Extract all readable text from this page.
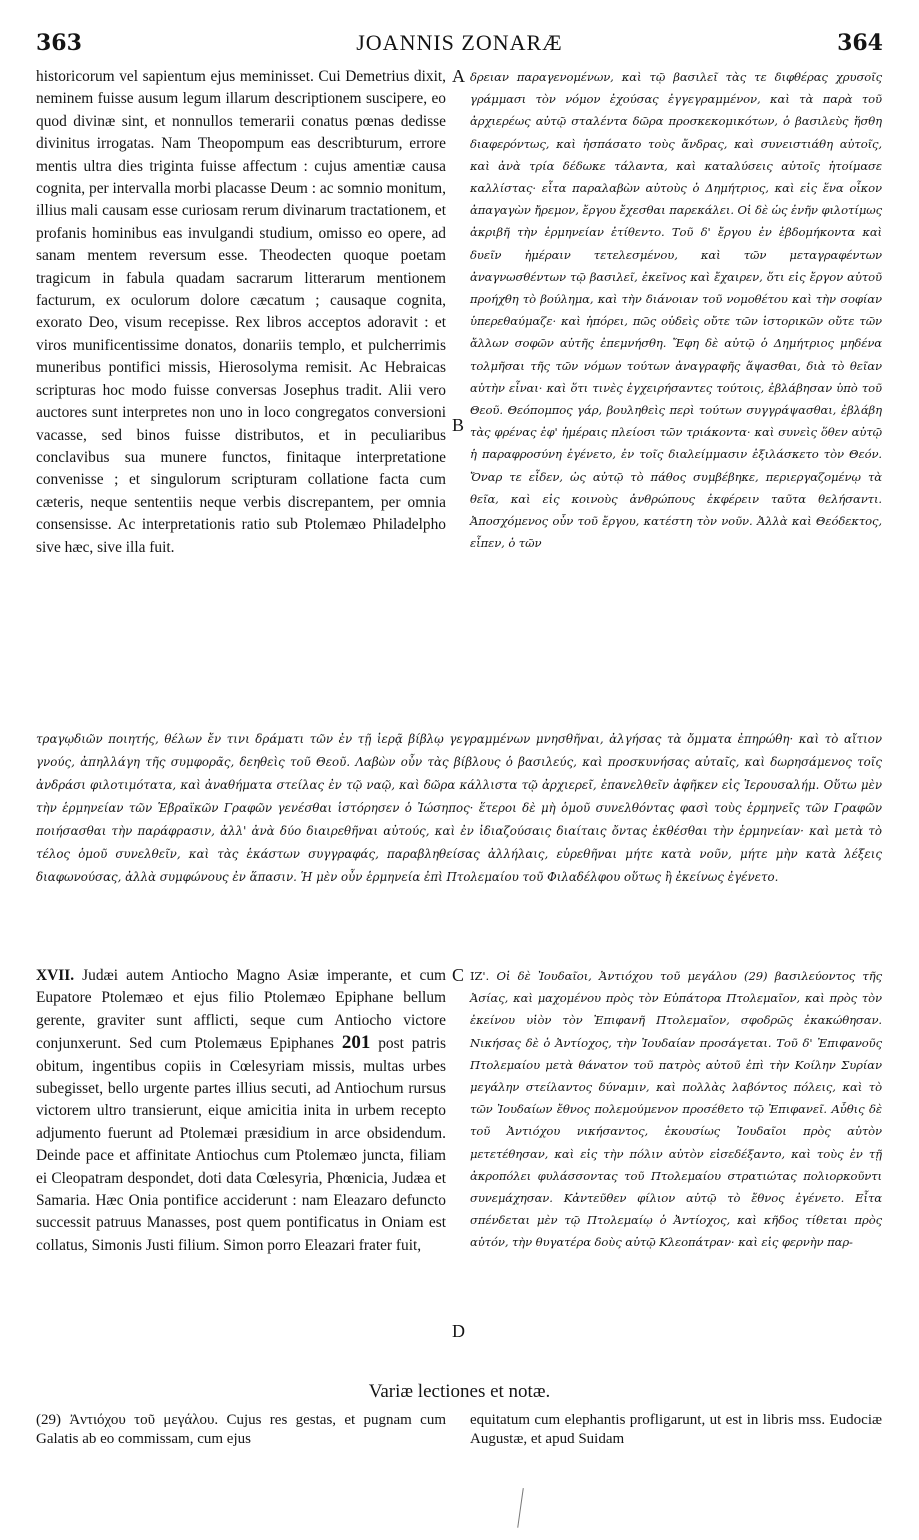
363	JOANNIS ZONARÆ	364
historicorum vel sapientum ejus meminisset. Cui Demetrius dixit, neminem fuisse ausum legum illarum descriptionem suscipere, eo quod divinæ sint, et nonnullos temerarii conatus pœnas dedisse divinitus irrogatas. Nam Theopompum eas describturum, errore mentis ultra dies triginta fuisse affectum : cujus amentiæ causa cognita, per intervalla morbi placasse Deum : ac somnio monitum, illius mali causam esse curiosam rerum divinarum tractationem, et profanis hominibus eas invulgandi studium, omisso eo opere, ad sanam mentem reversum esse. Theodecten quoque poetam tragicum in fabula quadam sacrarum litterarum mentionem facturum, ex oculorum dolore cæcatum ; causaque cognita, exorato Deo, visum recepisse. Rex libros acceptos adoravit : et viros munificentissime donatos, donariis templo, et pulcherrimis muneribus pontifici missis, Hierosolyma remisit. Ac Hebraicas scripturas hoc modo fuisse conversas Josephus tradit. Alii vero auctores sunt interpretes non uno in loco congregatos conversioni vacasse, sed binos fuisse distributos, et in peculiaribus conclavibus sua munere functos, finitaque interpretatione convenisse ; et singulorum scripturam collatione facta cum cæteris, neque sententiis neque verbis discrepantem, per omnia consensisse. Ac interpretationis ratio sub Ptolemæo Philadelpho sive hæc, sive illa fuit.
δρειαν παραγενομένων, καὶ τῷ βασιλεῖ τὰς τε διφθέρας χρυσοῖς γράμμασι τὸν νόμον ἐχούσας ἐγγεγραμμένον, καὶ τὰ παρὰ τοῦ ἀρχιερέως αὐτῷ σταλέντα δῶρα προσκεκομικότων, ὁ βασιλεὺς ἥσθη διαφερόντως, καὶ ἠσπάσατο τοὺς ἄνδρας, καὶ συνειστιάθη αὐτοῖς, καὶ ἀνὰ τρία δέδωκε τάλαντα, καὶ καταλύσεις αὐτοῖς ἡτοίμασε καλλίστας· εἶτα παραλαβὼν αὐτοὺς ὁ Δημήτριος, καὶ εἰς ἕνα οἶκον ἀπαγαγὼν ἤρεμον, ἔργου ἔχεσθαι παρεκάλει. Οἱ δὲ ὡς ἐνῆν φιλοτίμως ἀκριβῆ τὴν ἑρμηνείαν ἐτίθεντο. Τοῦ δ' ἔργου ἐν ἑβδομήκοντα καὶ δυεῖν ἡμέραιν τετελεσμένου, καὶ τῶν μεταγραφέντων ἀναγνωσθέντων τῷ βασιλεῖ, ἐκεῖνος καὶ ἔχαιρεν, ὅτι εἰς ἔργον αὐτοῦ προήχθη τὸ βούλημα, καὶ τὴν διάνοιαν τοῦ νομοθέτου καὶ τὴν σοφίαν ὑπερεθαύμαζε· καὶ ἠπόρει, πῶς οὐδεὶς οὔτε τῶν ἱστορικῶν οὔτε τῶν ἄλλων σοφῶν αὐτῆς ἐπεμνήσθη. Ἔφη δὲ αὐτῷ ὁ Δημήτριος μηδένα τολμῆσαι τῆς τῶν νόμων τούτων ἀναγραφῆς ἅψασθαι, διὰ τὸ θεῖαν αὐτὴν εἶναι· καὶ ὅτι τινὲς ἐγχειρήσαντες τούτοις, ἐβλάβησαν ὑπὸ τοῦ Θεοῦ. Θεόπομπος γάρ, βουληθεὶς περὶ τούτων συγγράψασθαι, ἐβλάβη τὰς φρένας ἐφ' ἡμέραις πλείοσι τῶν τριάκοντα· καὶ συνεὶς ὅθεν αὐτῷ ἡ παραφροσύνη ἐγένετο, ἐν τοῖς διαλείμμασιν ἐξιλάσκετο τὸν Θεόν. Ὄναρ τε εἶδεν, ὡς αὐτῷ τὸ πάθος συμβέβηκε, περιεργαζομένῳ τὰ θεῖα, καὶ εἰς κοινοὺς ἀνθρώπους ἐκφέρειν ταῦτα θελήσαντι. Ἀποσχόμενος οὖν τοῦ ἔργου, κατέστη τὸν νοῦν. Ἀλλὰ καὶ Θεόδεκτος, εἶπεν, ὁ τῶν
A
B
C
D
τραγῳδιῶν ποιητής, θέλων ἔν τινι δράματι τῶν ἐν τῇ ἱερᾷ βίβλῳ γεγραμμένων μνησθῆναι, ἀλγήσας τὰ ὄμματα ἐπηρώθη· καὶ τὸ αἴτιον γνούς, ἀπηλλάγη τῆς συμφορᾶς, δεηθεὶς τοῦ Θεοῦ. Λαβὼν οὖν τὰς βίβλους ὁ βασιλεύς, καὶ προσκυνήσας αὐταῖς, καὶ δωρησάμενος τοῖς ἀνδράσι φιλοτιμότατα, καὶ ἀναθήματα στείλας ἐν τῷ ναῷ, καὶ δῶρα κάλλιστα τῷ ἀρχιερεῖ, ἐπανελθεῖν ἀφῆκεν εἰς Ἱερουσαλήμ. Οὕτω μὲν τὴν ἑρμηνείαν τῶν Ἑβραϊκῶν Γραφῶν γενέσθαι ἱστόρησεν ὁ Ἰώσηπος· ἕτεροι δὲ μὴ ὁμοῦ συνελθόντας φασὶ τοὺς ἑρμηνεῖς τῶν Γραφῶν ποιήσασθαι τὴν παράφρασιν, ἀλλ' ἀνὰ δύο διαιρεθῆναι αὐτούς, καὶ ἐν ἰδιαζούσαις διαίταις ὄντας ἐκθέσθαι τὴν ἑρμηνείαν· καὶ μετὰ τὸ τέλος ὁμοῦ συνελθεῖν, καὶ τὰς ἑκάστων συγγραφάς, παραβληθείσας ἀλλήλαις, εὑρεθῆναι μήτε κατὰ νοῦν, μήτε μὴν κατὰ λέξεις διαφωνούσας, ἀλλὰ συμφώνους ἐν ἅπασιν. Ἡ μὲν οὖν ἑρμηνεία ἐπὶ Πτολεμαίου τοῦ Φιλαδέλφου οὕτως ἢ ἐκείνως ἐγένετο.
XVII. Judæi autem Antiocho Magno Asiæ imperante, et cum Eupatore Ptolemæo et ejus filio Ptolemæo Epiphane bellum gerente, graviter sunt afflicti, seque cum Antiocho victore conjunxerunt. Sed cum Ptolemæus Epiphanes 201 post patris obitum, ingentibus copiis in Cœlesyriam missis, multas urbes subegisset, bello urgente partes illius secuti, ad Antiochum rursus victorem ultro transierunt, eique amicitia inita in urbem recepto adjumento fuerunt ad Ptolemæi præsidium in arce obsidendum. Deinde pace et affinitate Antiochus cum Ptolemæo juncta, filiam ei Cleopatram despondet, doti data Cœlesyria, Phœnicia, Judæa et Samaria. Hæc Onia pontifice acciderunt : nam Eleazaro defuncto successit patruus Manasses, post quem pontificatus in Oniam est collatus, Simonis Justi filium. Simon porro Eleazari frater fuit,
ΙΖ'. Οἱ δὲ Ἰουδαῖοι, Ἀντιόχου τοῦ μεγάλου (29) βασιλεύοντος τῆς Ἀσίας, καὶ μαχομένου πρὸς τὸν Εὐπάτορα Πτολεμαῖον, καὶ πρὸς τὸν ἐκείνου υἱὸν τὸν Ἐπιφανῆ Πτολεμαῖον, σφοδρῶς ἐκακώθησαν. Νικήσας δὲ ὁ Ἀντίοχος, τὴν Ἰουδαίαν προσάγεται. Τοῦ δ' Ἐπιφανοῦς Πτολεμαίου μετὰ θάνατον τοῦ πατρὸς αὐτοῦ ἐπὶ τὴν Κοίλην Συρίαν μεγάλην στείλαντος δύναμιν, καὶ πολλὰς λαβόντος πόλεις, καὶ τὸ τῶν Ἰουδαίων ἔθνος πολεμούμενον προσέθετο τῷ Ἐπιφανεῖ. Αὖθις δὲ τοῦ Ἀντιόχου νικήσαντος, ἑκουσίως Ἰουδαῖοι πρὸς αὐτὸν μετετέθησαν, καὶ εἰς τὴν πόλιν αὐτὸν εἰσεδέξαντο, καὶ τοὺς ἐν τῇ ἀκροπόλει φυλάσσοντας τοῦ Πτολεμαίου στρατιώτας πολιορκοῦντι συνεμάχησαν. Κἀντεῦθεν φίλιον αὐτῷ τὸ ἔθνος ἐγένετο. Εἶτα σπένδεται μὲν τῷ Πτολεμαίῳ ὁ Ἀντίοχος, καὶ κῆδος τίθεται πρὸς αὐτόν, τὴν θυγατέρα δοὺς αὐτῷ Κλεοπάτραν· καὶ εἰς φερνὴν παρ-
Variæ lectiones et notæ.
(29) Ἀντιόχου τοῦ μεγάλου. Cujus res gestas, et pugnam cum Galatis ab eo commissam, cum ejus
equitatum cum elephantis profligarunt, ut est in libris mss. Eudociæ Augustæ, et apud Suidam
